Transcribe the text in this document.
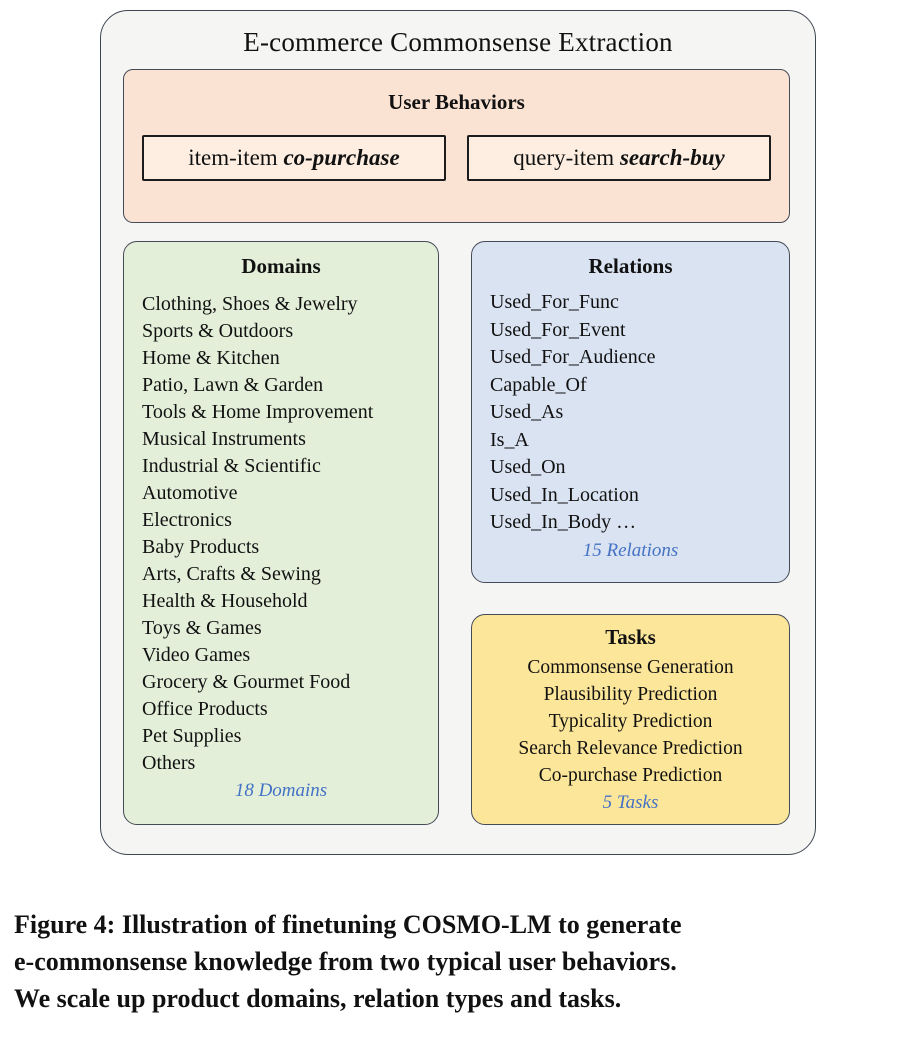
E-commerce Commonsense Extraction
User Behaviors
item-item co-purchase	query-item search-buy
Domains
Clothing, Shoes & Jewelry
Sports & Outdoors
Home & Kitchen
Patio, Lawn & Garden
Tools & Home Improvement
Musical Instruments
Industrial & Scientific
Automotive
Electronics
Baby Products
Arts, Crafts & Sewing
Health & Household
Toys & Games
Video Games
Grocery & Gourmet Food
Office Products
Pet Supplies
Others
18 Domains
Relations
Used_For_Func
Used_For_Event
Used_For_Audience
Capable_Of
Used_As
Is_A
Used_On
Used_In_Location
Used_In_Body …
15 Relations
Tasks
Commonsense Generation
Plausibility Prediction
Typicality Prediction
Search Relevance Prediction
Co-purchase Prediction
5 Tasks
Figure 4: Illustration of finetuning COSMO-LM to generate
e-commonsense knowledge from two typical user behaviors.
We scale up product domains, relation types and tasks.
